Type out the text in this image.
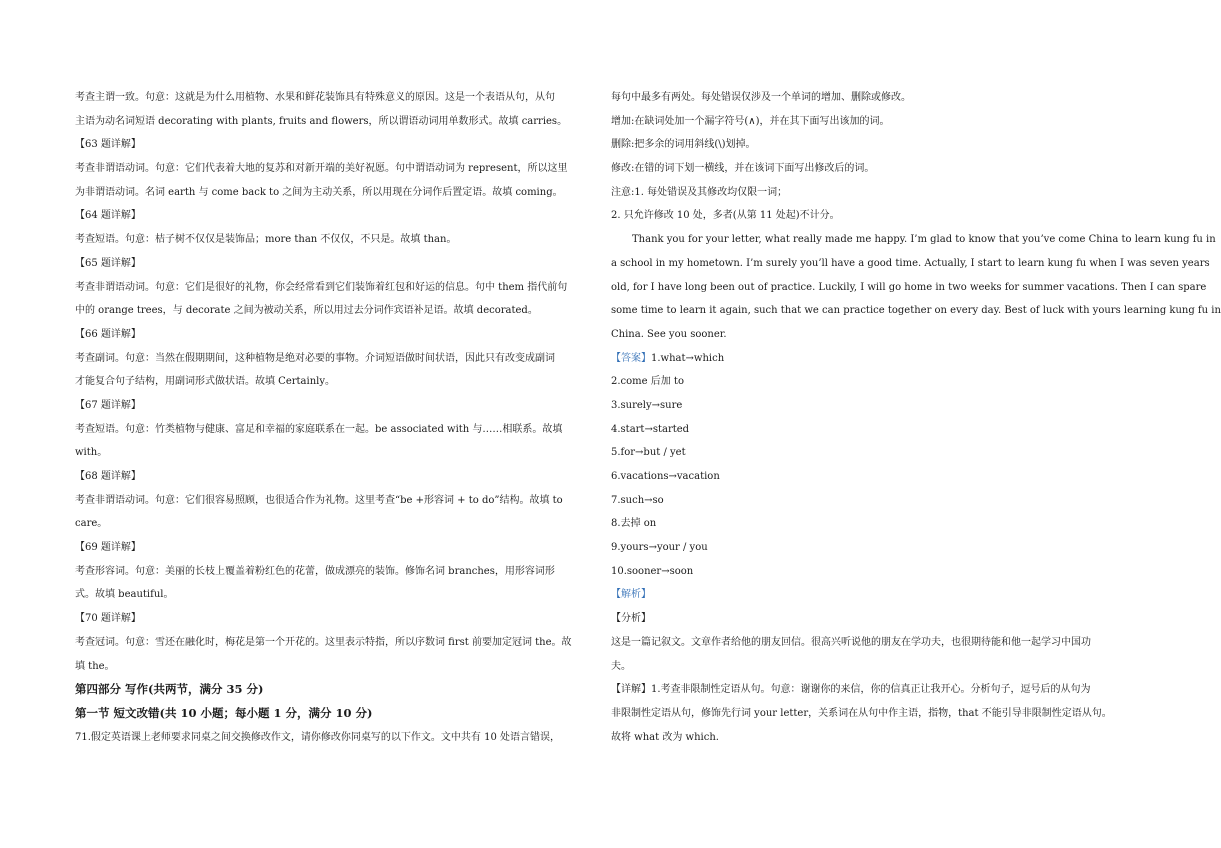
考查主谓一致。句意：这就是为什么用植物、水果和鲜花装饰具有特殊意义的原因。这是一个表语从句，从句
主语为动名词短语 decorating with plants, fruits and flowers，所以谓语动词用单数形式。故填 carries。
【63 题详解】
考查非谓语动词。句意：它们代表着大地的复苏和对新开端的美好祝愿。句中谓语动词为 represent，所以这里
为非谓语动词。名词 earth 与 come back to 之间为主动关系，所以用现在分词作后置定语。故填 coming。
【64 题详解】
考查短语。句意：桔子树不仅仅是装饰品；more than 不仅仅，不只是。故填 than。
【65 题详解】
考查非谓语动词。句意：它们是很好的礼物，你会经常看到它们装饰着红包和好运的信息。句中 them 指代前句
中的 orange trees，与 decorate 之间为被动关系，所以用过去分词作宾语补足语。故填 decorated。
【66 题详解】
考查副词。句意：当然在假期期间，这种植物是绝对必要的事物。介词短语做时间状语，因此只有改变成副词
才能复合句子结构，用副词形式做状语。故填 Certainly。
【67 题详解】
考查短语。句意：竹类植物与健康、富足和幸福的家庭联系在一起。be associated with 与……相联系。故填
with。
【68 题详解】
考查非谓语动词。句意：它们很容易照顾，也很适合作为礼物。这里考查“be +形容词 + to do”结构。故填 to
care。
【69 题详解】
考查形容词。句意：美丽的长枝上覆盖着粉红色的花蕾，做成漂亮的装饰。修饰名词 branches，用形容词形
式。故填 beautiful。
【70 题详解】
考查冠词。句意：雪还在融化时，梅花是第一个开花的。这里表示特指，所以序数词 first 前要加定冠词 the。故
填 the。
第四部分 写作(共两节，满分 35 分)
第一节 短文改错(共 10 小题；每小题 1 分，满分 10 分)
71.假定英语课上老师要求同桌之间交换修改作文，请你修改你同桌写的以下作文。文中共有 10 处语言错误，
每句中最多有两处。每处错误仅涉及一个单词的增加、删除或修改。
增加:在缺词处加一个漏字符号(∧)，并在其下面写出该加的词。
删除:把多余的词用斜线(\)划掉。
修改:在错的词下划一横线，并在该词下面写出修改后的词。
注意:1. 每处错误及其修改均仅限一词；
2. 只允许修改 10 处，多者(从第 11 处起)不计分。
Thank you for your letter, what really made me happy. I’m glad to know that you’ve come China to learn kung fu in
a school in my hometown. I’m surely you’ll have a good time. Actually, I start to learn kung fu when I was seven years
old, for I have long been out of practice. Luckily, I will go home in two weeks for summer vacations. Then I can spare
some time to learn it again, such that we can practice together on every day. Best of luck with yours learning kung fu in
China. See you sooner.
【答案】1.what→which
2.come 后加 to
3.surely→sure
4.start→started
5.for→but / yet
6.vacations→vacation
7.such→so
8.去掉 on
9.yours→your / you
10.sooner→soon
【解析】
【分析】
这是一篇记叙文。文章作者给他的朋友回信。很高兴听说他的朋友在学功夫，也很期待能和他一起学习中国功
夫。
【详解】1.考查非限制性定语从句。句意：谢谢你的来信，你的信真正让我开心。分析句子，逗号后的从句为
非限制性定语从句，修饰先行词 your letter，关系词在从句中作主语，指物，that 不能引导非限制性定语从句。
故将 what 改为 which.
